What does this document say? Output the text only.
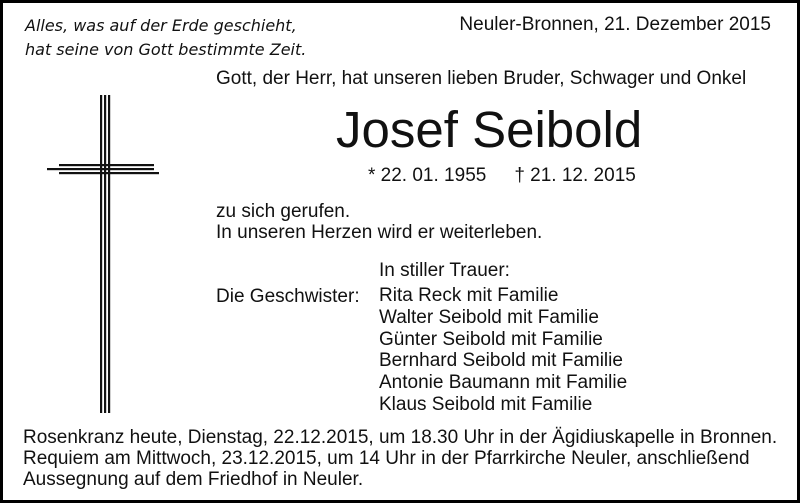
Alles, was auf der Erde geschieht,
hat seine von Gott bestimmte Zeit.
Neuler-Bronnen, 21. Dezember 2015
Gott, der Herr, hat unseren lieben Bruder, Schwager und Onkel
Josef Seibold
* 22. 01. 1955 † 21. 12. 2015
zu sich gerufen.
In unseren Herzen wird er weiterleben.
In stiller Trauer:
Die Geschwister: Rita Reck mit Familie
Walter Seibold mit Familie
Günter Seibold mit Familie
Bernhard Seibold mit Familie
Antonie Baumann mit Familie
Klaus Seibold mit Familie
Rosenkranz heute, Dienstag, 22.12.2015, um 18.30 Uhr in der Ägidiuskapelle in Bronnen.
Requiem am Mittwoch, 23.12.2015, um 14 Uhr in der Pfarrkirche Neuler, anschließend
Aussegnung auf dem Friedhof in Neuler.
